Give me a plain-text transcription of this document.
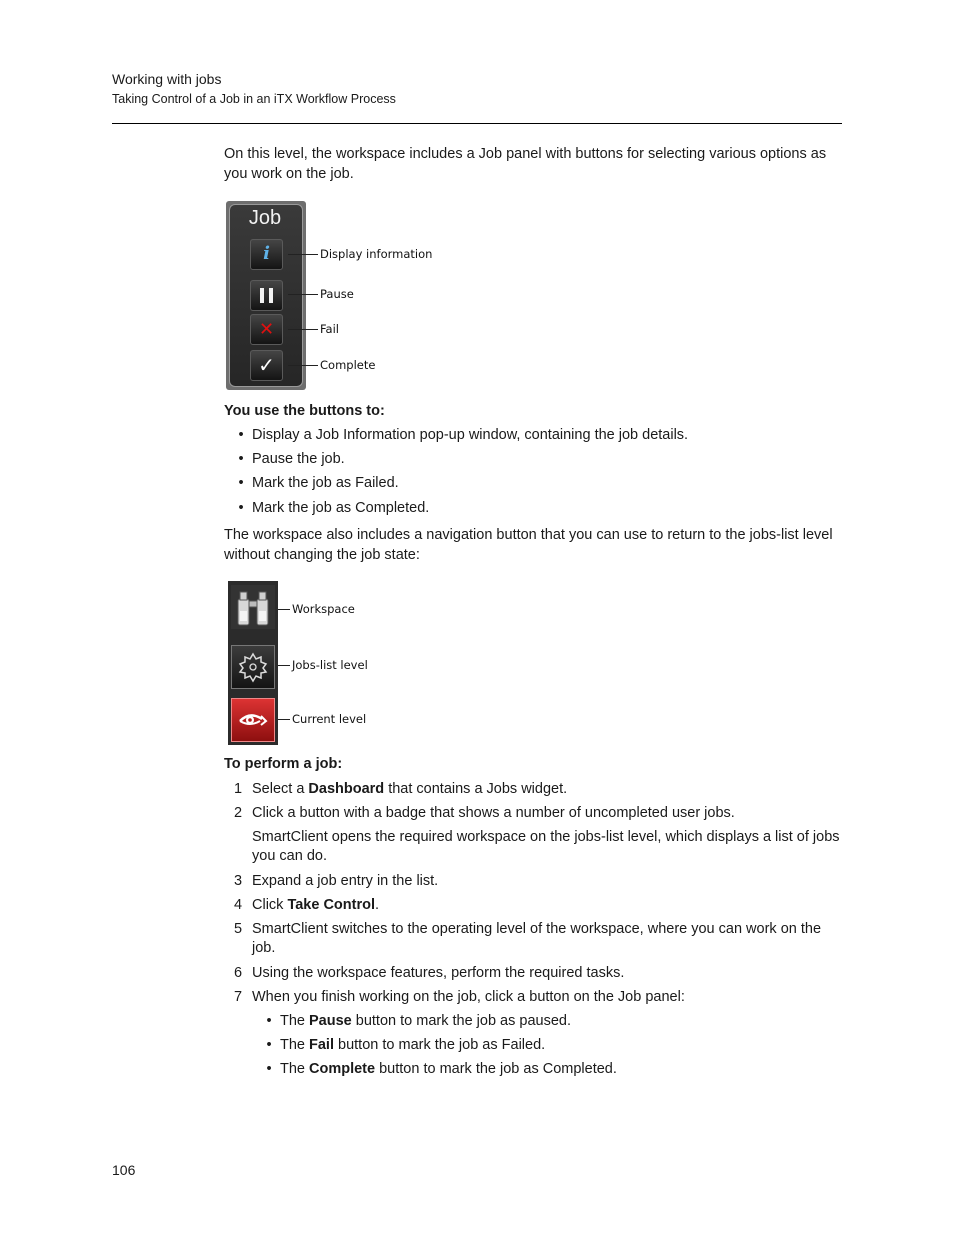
Working with jobs
Taking Control of a Job in an iTX Workflow Process
On this level, the workspace includes a Job panel with buttons for selecting various options as you work on the job.
Job
i
✕
✓
Display information
Pause
Fail
Complete
You use the buttons to:
• Display a Job Information pop-up window, containing the job details.
• Pause the job.
• Mark the job as Failed.
• Mark the job as Completed.
The workspace also includes a navigation button that you can use to return to the jobs-list level without changing the job state:
Workspace
Jobs-list level
Current level
To perform a job:
1 Select a Dashboard that contains a Jobs widget.
2 Click a button with a badge that shows a number of uncompleted user jobs.
SmartClient opens the required workspace on the jobs-list level, which displays a list of jobs you can do.
3 Expand a job entry in the list.
4 Click Take Control.
5 SmartClient switches to the operating level of the workspace, where you can work on the job.
6 Using the workspace features, perform the required tasks.
7 When you finish working on the job, click a button on the Job panel:
• The Pause button to mark the job as paused.
• The Fail button to mark the job as Failed.
• The Complete button to mark the job as Completed.
106
